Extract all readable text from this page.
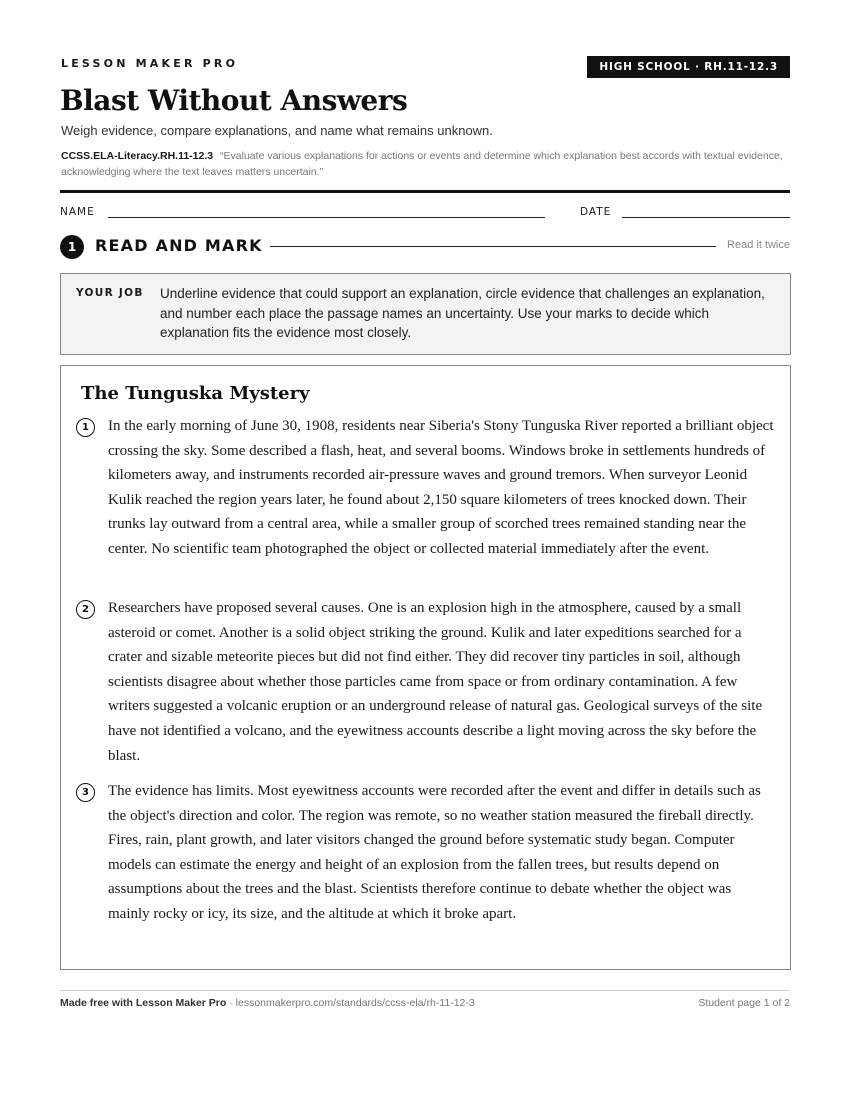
LESSON MAKER PRO	HIGH SCHOOL · RH.11-12.3
Blast Without Answers
Weigh evidence, compare explanations, and name what remains unknown.
CCSS.ELA-Literacy.RH.11-12.3 “Evaluate various explanations for actions or events and determine which explanation best accords with textual evidence, acknowledging where the text leaves matters uncertain.”
NAME	DATE
1	READ AND MARK	Read it twice
YOUR JOB Underline evidence that could support an explanation, circle evidence that challenges an explanation, and number each place the passage names an uncertainty. Use your marks to decide which explanation fits the evidence most closely.
The Tunguska Mystery
1	In the early morning of June 30, 1908, residents near Siberia's Stony Tunguska River reported a brilliant object crossing the sky. Some described a flash, heat, and several booms. Windows broke in settlements hundreds of kilometers away, and instruments recorded air-pressure waves and ground tremors. When surveyor Leonid Kulik reached the region years later, he found about 2,150 square kilometers of trees knocked down. Their trunks lay outward from a central area, while a smaller group of scorched trees remained standing near the center. No scientific team photographed the object or collected material immediately after the event.
2	Researchers have proposed several causes. One is an explosion high in the atmosphere, caused by a small asteroid or comet. Another is a solid object striking the ground. Kulik and later expeditions searched for a crater and sizable meteorite pieces but did not find either. They did recover tiny particles in soil, although scientists disagree about whether those particles came from space or from ordinary contamination. A few writers suggested a volcanic eruption or an underground release of natural gas. Geological surveys of the site have not identified a volcano, and the eyewitness accounts describe a light moving across the sky before the blast.
3	The evidence has limits. Most eyewitness accounts were recorded after the event and differ in details such as the object's direction and color. The region was remote, so no weather station measured the fireball directly. Fires, rain, plant growth, and later visitors changed the ground before systematic study began. Computer models can estimate the energy and height of an explosion from the fallen trees, but results depend on assumptions about the trees and the blast. Scientists therefore continue to debate whether the object was mainly rocky or icy, its size, and the altitude at which it broke apart.
Made free with Lesson Maker Pro · lessonmakerpro.com/standards/ccss-ela/rh-11-12-3	Student page 1 of 2
